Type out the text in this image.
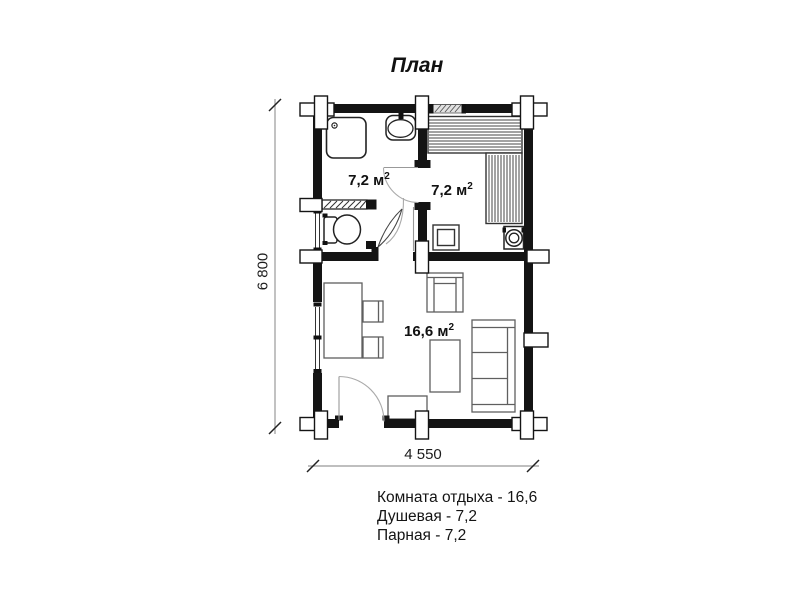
План
7,2 $м^2$
7,2 $м^2$
16,6 $м^2$
6 800
4 550
Комната отдыха - 16,6
Душевая - 7,2
Парная - 7,2
